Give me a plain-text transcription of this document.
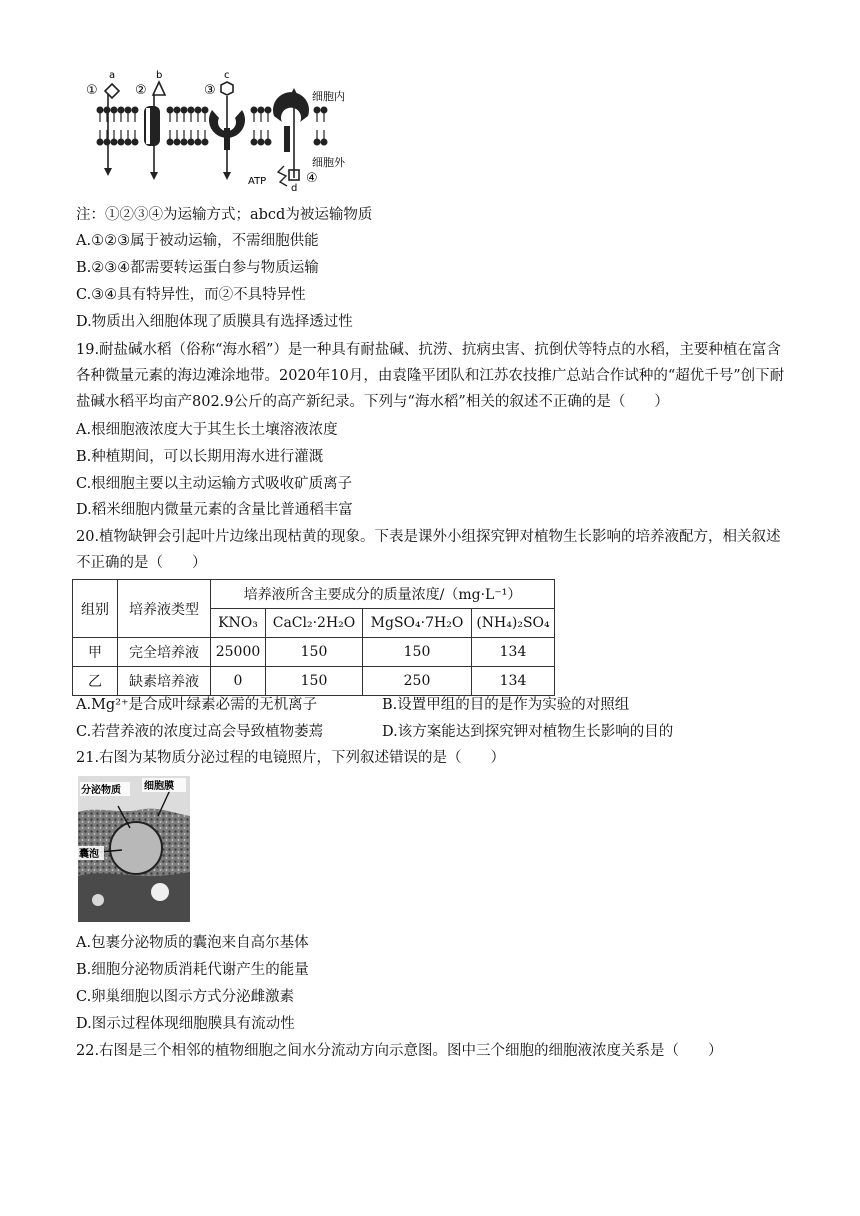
①	②	③
④
a	b	c
d
细胞内
细胞外
ATP
注：①②③④为运输方式；abcd为被运输物质
A.①②③属于被动运输，不需细胞供能
B.②③④都需要转运蛋白参与物质运输
C.③④具有特异性，而②不具特异性
D.物质出入细胞体现了质膜具有选择透过性
19.耐盐碱水稻（俗称“海水稻”）是一种具有耐盐碱、抗涝、抗病虫害、抗倒伏等特点的水稻，主要种植在富含各种微量元素的海边滩涂地带。2020年10月，由袁隆平团队和江苏农技推广总站合作试种的“超优千号”创下耐盐碱水稻平均亩产802.9公斤的高产新纪录。下列与“海水稻”相关的叙述不正确的是（　　）
A.根细胞液浓度大于其生长土壤溶液浓度
B.种植期间，可以长期用海水进行灌溉
C.根细胞主要以主动运输方式吸收矿质离子
D.稻米细胞内微量元素的含量比普通稻丰富
20.植物缺钾会引起叶片边缘出现枯黄的现象。下表是课外小组探究钾对植物生长影响的培养液配方，相关叙述不正确的是（　　）
组别	培养液类型	培养液所含主要成分的质量浓度/（mg·L⁻¹）			
		KNO₃	CaCl₂·2H₂O	MgSO₄·7H₂O	(NH₄)₂SO₄
甲	完全培养液	25000	150	150	134
乙	缺素培养液	0	150	250	134
A.Mg²⁺是合成叶绿素必需的无机离子	B.设置甲组的目的是作为实验的对照组
C.若营养液的浓度过高会导致植物萎蔫	D.该方案能达到探究钾对植物生长影响的目的
21.右图为某物质分泌过程的电镜照片，下列叙述错误的是（　　）
分泌物质 细胞膜
囊泡
A.包裹分泌物质的囊泡来自高尔基体
B.细胞分泌物质消耗代谢产生的能量
C.卵巢细胞以图示方式分泌雌激素
D.图示过程体现细胞膜具有流动性
22.右图是三个相邻的植物细胞之间水分流动方向示意图。图中三个细胞的细胞液浓度关系是（　　）
